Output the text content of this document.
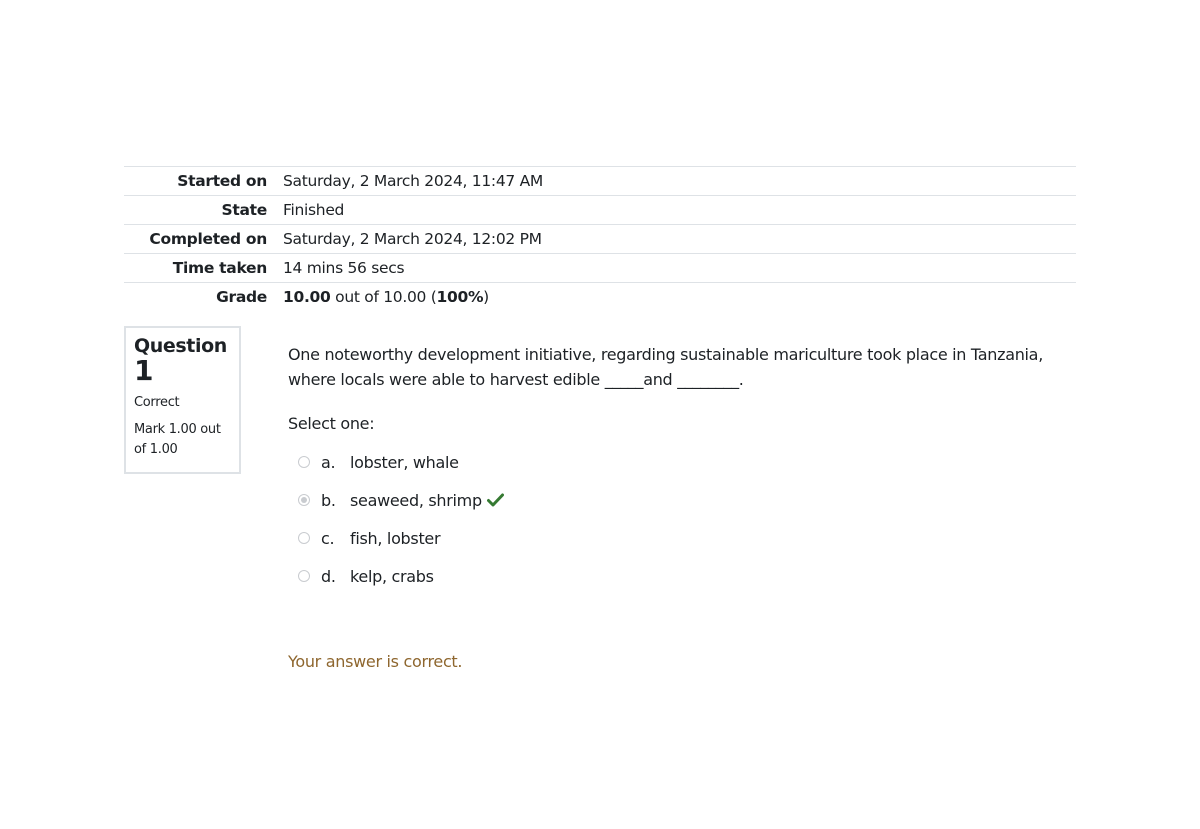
Started on	Saturday, 2 March 2024, 11:47 AM
State	Finished
Completed on	Saturday, 2 March 2024, 12:02 PM
Time taken	14 mins 56 secs
Grade	10.00 out of 10.00 (100%)
Question
1
Correct
Mark 1.00 out of 1.00
One noteworthy development initiative, regarding sustainable mariculture took place in Tanzania,
where locals were able to harvest edible _____and ________.
Select one:
a. lobster, whale
b. seaweed, shrimp
c. fish, lobster
d. kelp, crabs
Your answer is correct.
